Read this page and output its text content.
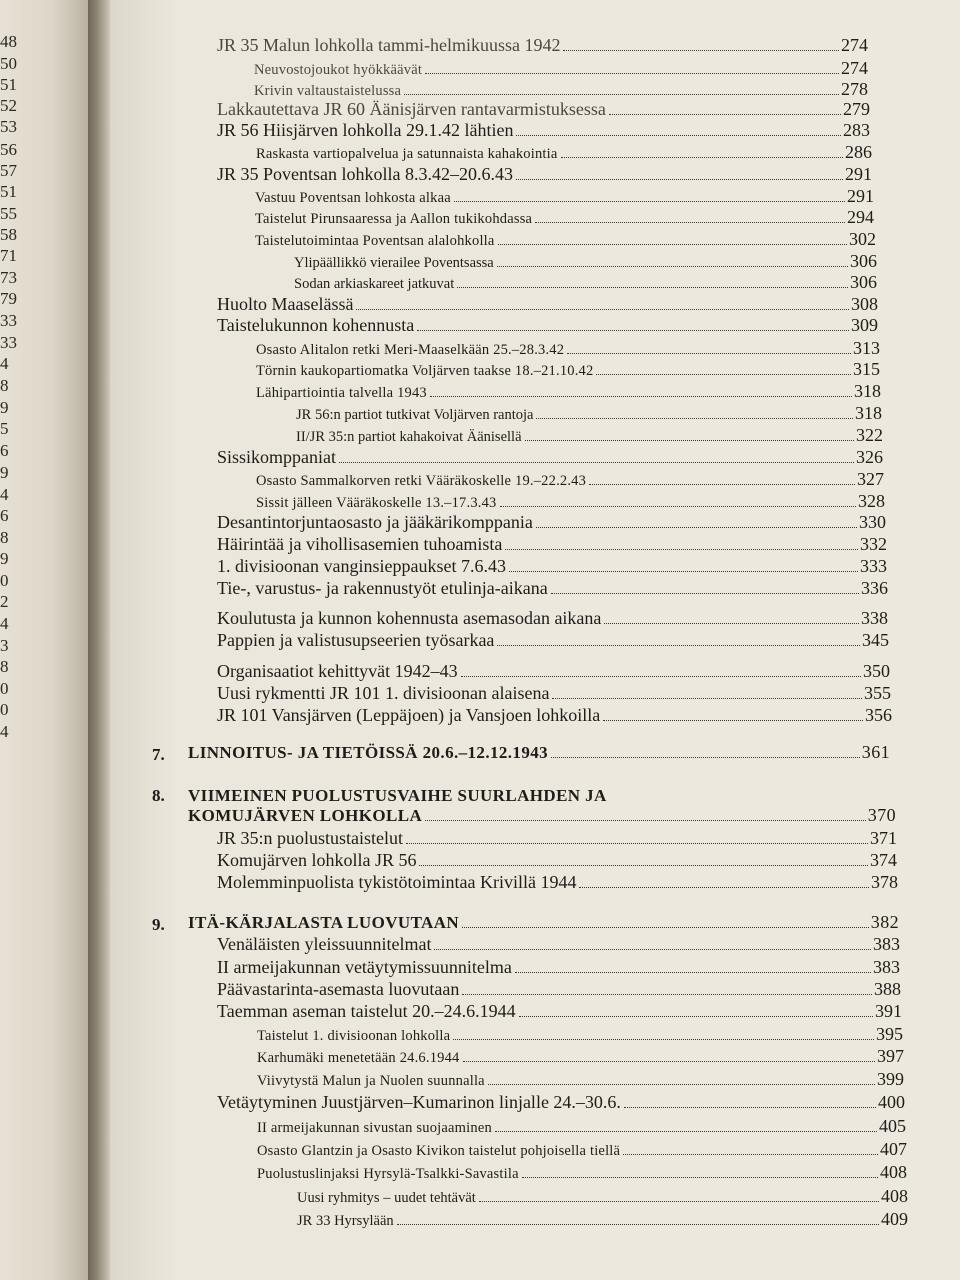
48
50
51
52
53
56
57
51
55
58
71
73
79
33
33
4
8
9
5
6
9
4
6
8
9
0
2
4
3
8
0
0
4
JR 35 Malun lohkolla tammi-helmikuussa 1942	274
Neuvostojoukot hyökkäävät	274
Krivin valtaustaistelussa	278
Lakkautettava JR 60 Äänisjärven rantavarmistuksessa	279
JR 56 Hiisjärven lohkolla 29.1.42 lähtien	283
Raskasta vartiopalvelua ja satunnaista kahakointia	286
JR 35 Poventsan lohkolla 8.3.42–20.6.43	291
Vastuu Poventsan lohkosta alkaa	291
Taistelut Pirunsaaressa ja Aallon tukikohdassa	294
Taistelutoimintaa Poventsan alalohkolla	302
Ylipäällikkö vierailee Poventsassa	306
Sodan arkiaskareet jatkuvat	306
Huolto Maaselässä	308
Taistelukunnon kohennusta	309
Osasto Alitalon retki Meri-Maaselkään 25.–28.3.42	313
Törnin kaukopartiomatka Voljärven taakse 18.–21.10.42	315
Lähipartiointia talvella 1943	318
JR 56:n partiot tutkivat Voljärven rantoja	318
II/JR 35:n partiot kahakoivat Äänisellä	322
Sissikomppaniat	326
Osasto Sammalkorven retki Vääräkoskelle 19.–22.2.43	327
Sissit jälleen Vääräkoskelle 13.–17.3.43	328
Desantintorjuntaosasto ja jääkärikomppania	330
Häirintää ja vihollisasemien tuhoamista	332
1. divisioonan vanginsieppaukset 7.6.43	333
Tie-, varustus- ja rakennustyöt etulinja-aikana	336
Koulutusta ja kunnon kohennusta asemasodan aikana	338
Pappien ja valistusupseerien työsarkaa	345
Organisaatiot kehittyvät 1942–43	350
Uusi rykmentti JR 101 1. divisioonan alaisena	355
JR 101 Vansjärven (Leppäjoen) ja Vansjoen lohkoilla	356
7. LINNOITUS- JA TIETÖISSÄ 20.6.–12.12.1943	361
8. VIIMEINEN PUOLUSTUSVAIHE SUURLAHDEN JA
KOMUJÄRVEN LOHKOLLA	370
JR 35:n puolustustaistelut	371
Komujärven lohkolla JR 56	374
Molemminpuolista tykistötoimintaa Krivillä 1944	378
9. ITÄ-KÄRJALASTA LUOVUTAAN	382
Venäläisten yleissuunnitelmat	383
II armeijakunnan vetäytymissuunnitelma	383
Päävastarinta-asemasta luovutaan	388
Taemman aseman taistelut 20.–24.6.1944	391
Taistelut 1. divisioonan lohkolla	395
Karhumäki menetetään 24.6.1944	397
Viivytystä Malun ja Nuolen suunnalla	399
Vetäytyminen Juustjärven–Kumarinon linjalle 24.–30.6.	400
II armeijakunnan sivustan suojaaminen	405
Osasto Glantzin ja Osasto Kivikon taistelut pohjoisella tiellä	407
Puolustuslinjaksi Hyrsylä-Tsalkki-Savastila	408
Uusi ryhmitys – uudet tehtävät	408
JR 33 Hyrsylään	409
